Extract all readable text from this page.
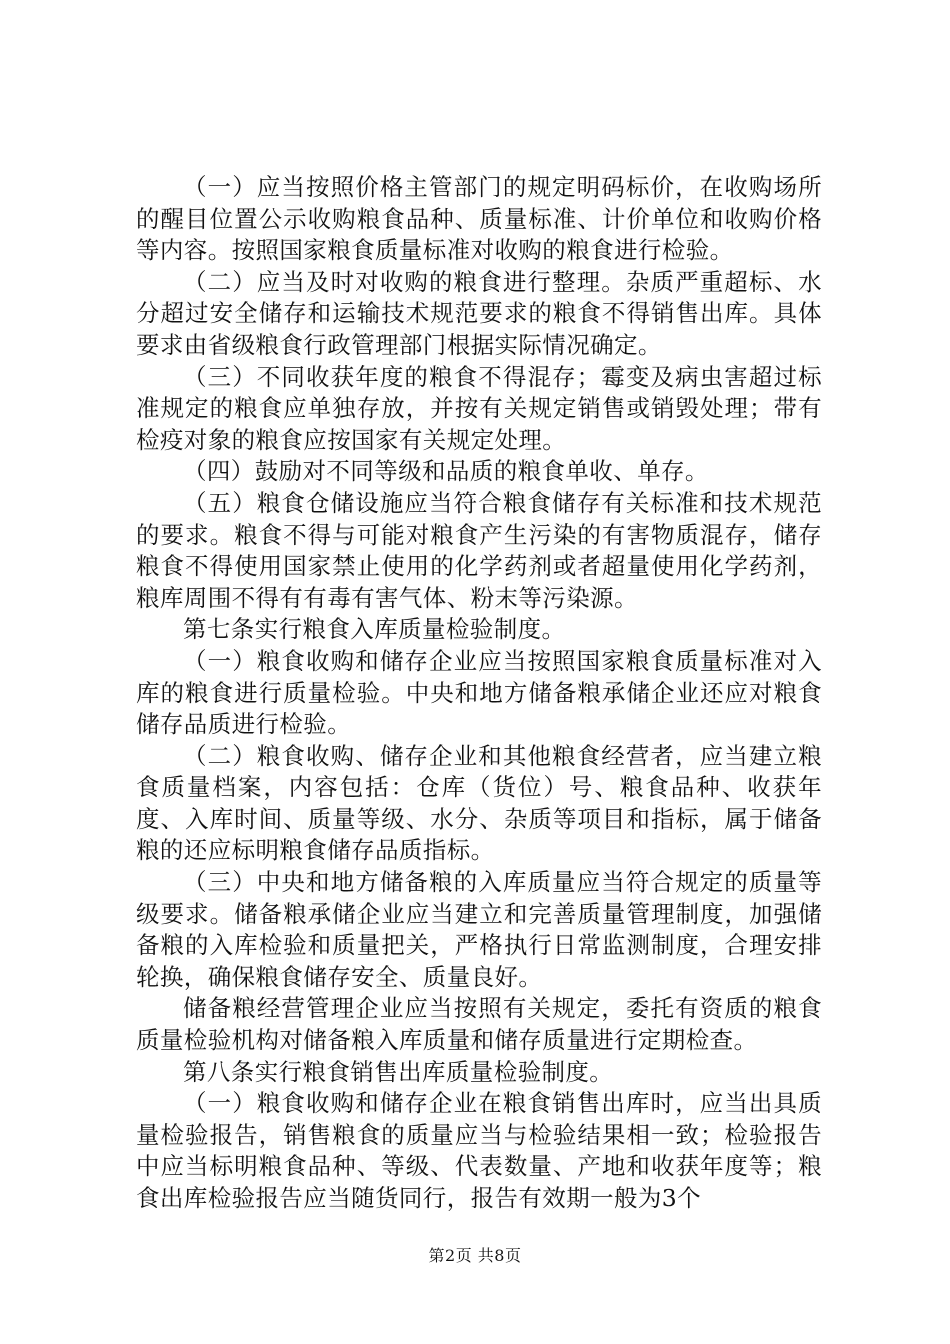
（一）应当按照价格主管部门的规定明码标价，在收购场所的醒目位置公示收购粮食品种、质量标准、计价单位和收购价格等内容。按照国家粮食质量标准对收购的粮食进行检验。

（二）应当及时对收购的粮食进行整理。杂质严重超标、水分超过安全储存和运输技术规范要求的粮食不得销售出库。具体要求由省级粮食行政管理部门根据实际情况确定。

（三）不同收获年度的粮食不得混存；霉变及病虫害超过标准规定的粮食应单独存放，并按有关规定销售或销毁处理；带有检疫对象的粮食应按国家有关规定处理。

（四）鼓励对不同等级和品质的粮食单收、单存。

（五）粮食仓储设施应当符合粮食储存有关标准和技术规范的要求。粮食不得与可能对粮食产生污染的有害物质混存，储存粮食不得使用国家禁止使用的化学药剂或者超量使用化学药剂，粮库周围不得有有毒有害气体、粉末等污染源。

第七条实行粮食入库质量检验制度。

（一）粮食收购和储存企业应当按照国家粮食质量标准对入库的粮食进行质量检验。中央和地方储备粮承储企业还应对粮食储存品质进行检验。

（二）粮食收购、储存企业和其他粮食经营者，应当建立粮食质量档案，内容包括：仓库（货位）号、粮食品种、收获年度、入库时间、质量等级、水分、杂质等项目和指标，属于储备粮的还应标明粮食储存品质指标。

（三）中央和地方储备粮的入库质量应当符合规定的质量等级要求。储备粮承储企业应当建立和完善质量管理制度，加强储备粮的入库检验和质量把关，严格执行日常监测制度，合理安排轮换，确保粮食储存安全、质量良好。

储备粮经营管理企业应当按照有关规定，委托有资质的粮食质量检验机构对储备粮入库质量和储存质量进行定期检查。

第八条实行粮食销售出库质量检验制度。

（一）粮食收购和储存企业在粮食销售出库时，应当出具质量检验报告，销售粮食的质量应当与检验结果相一致；检验报告中应当标明粮食品种、等级、代表数量、产地和收获年度等；粮食出库检验报告应当随货同行，报告有效期一般为3个

第2页 共8页
